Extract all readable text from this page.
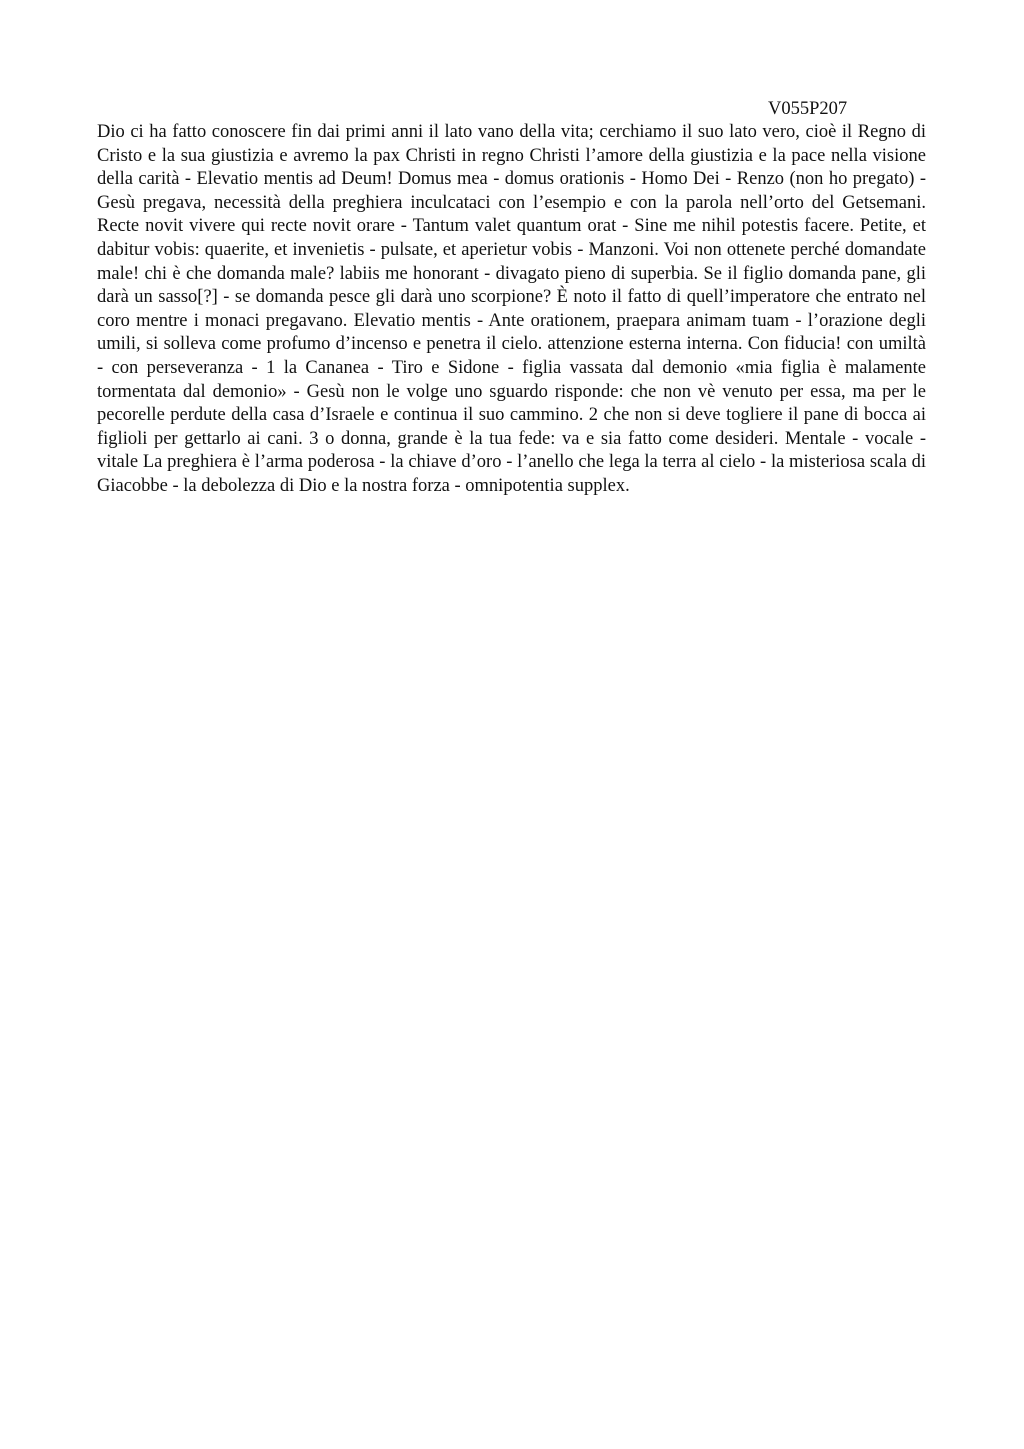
V055P207

Dio ci ha fatto conoscere fin dai primi anni il lato vano della vita; cerchiamo il suo lato vero, cioè il Regno di Cristo e la sua giustizia e avremo la pax Christi in regno Christi l’amore della giustizia e la pace nella visione della carità - Elevatio mentis ad Deum! Domus mea - domus orationis - Homo Dei - Renzo (non ho pregato) - Gesù pregava, necessità della preghiera inculcataci con l’esempio e con la parola nell’orto del Getsemani. Recte novit vivere qui recte novit orare - Tantum valet quantum orat - Sine me nihil potestis facere. Petite, et dabitur vobis: quaerite, et invenietis - pulsate, et aperietur vobis - Manzoni. Voi non ottenete perché domandate male! chi è che domanda male? labiis me honorant - divagato pieno di superbia. Se il figlio domanda pane, gli darà un sasso[?] - se domanda pesce gli darà uno scorpione? È noto il fatto di quell’imperatore che entrato nel coro mentre i monaci pregavano. Elevatio mentis - Ante orationem, praepara animam tuam - l’orazione degli umili, si solleva come profumo d’incenso e penetra il cielo. attenzione esterna interna. Con fiducia! con umiltà - con perseveranza - 1 la Cananea - Tiro e Sidone - figlia vassata dal demonio «mia figlia è malamente tormentata dal demonio» - Gesù non le volge uno sguardo risponde: che non vè venuto per essa, ma per le pecorelle perdute della casa d’Israele e continua il suo cammino. 2 che non si deve togliere il pane di bocca ai figlioli per gettarlo ai cani. 3 o donna, grande è la tua fede: va e sia fatto come desideri. Mentale - vocale - vitale La preghiera è l’arma poderosa - la chiave d’oro - l’anello che lega la terra al cielo - la misteriosa scala di Giacobbe - la debolezza di Dio e la nostra forza - omnipotentia supplex.
